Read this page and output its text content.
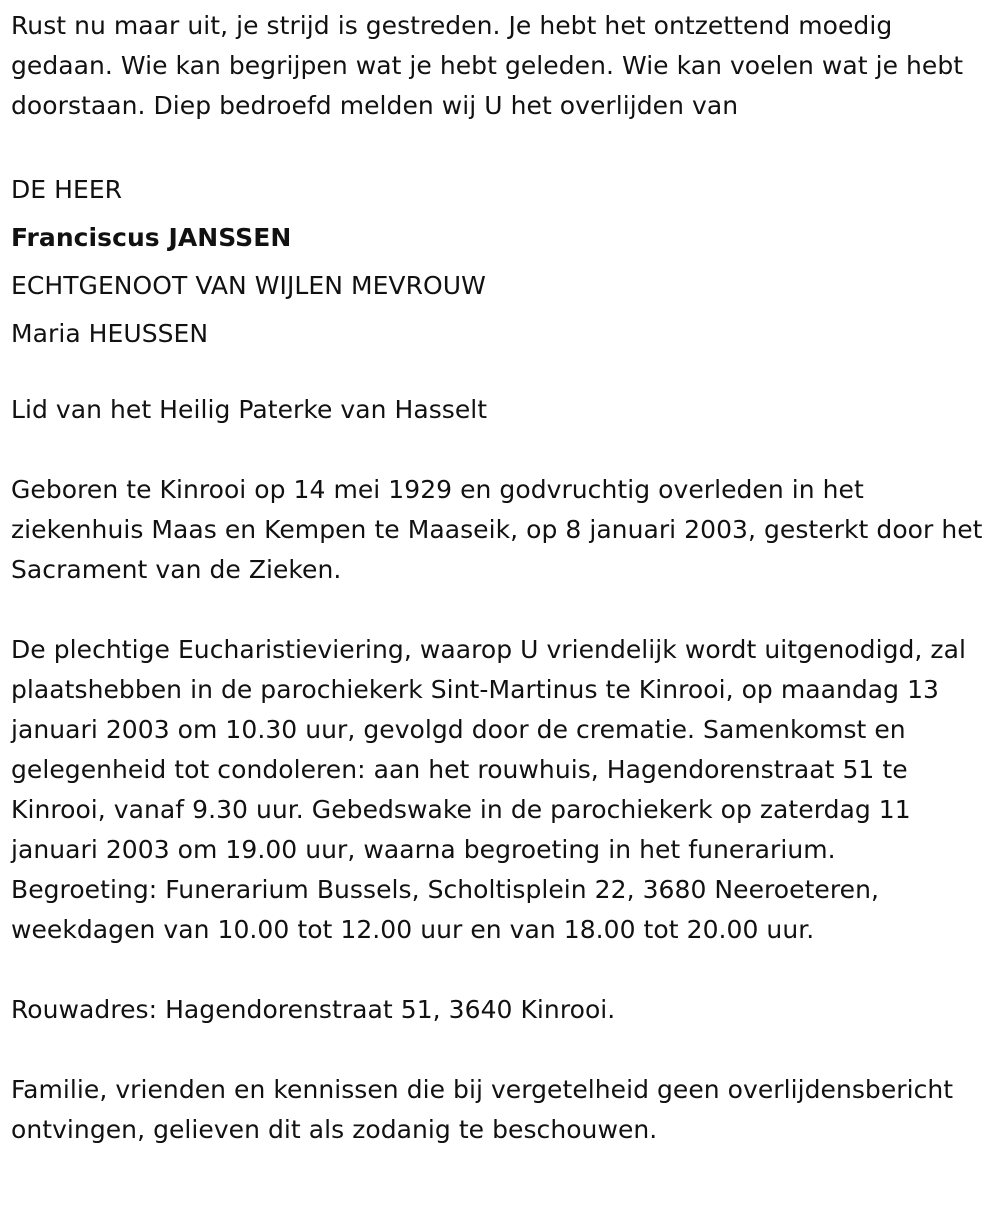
Rust nu maar uit, je strijd is gestreden. Je hebt het ontzettend moedig gedaan. Wie kan begrijpen wat je hebt geleden. Wie kan voelen wat je hebt doorstaan. Diep bedroefd melden wij U het overlijden van

DE HEER

Franciscus JANSSEN

ECHTGENOOT VAN WIJLEN MEVROUW

Maria HEUSSEN

Lid van het Heilig Paterke van Hasselt

Geboren te Kinrooi op 14 mei 1929 en godvruchtig overleden in het ziekenhuis Maas en Kempen te Maaseik, op 8 januari 2003, gesterkt door het Sacrament van de Zieken.

De plechtige Eucharistieviering, waarop U vriendelijk wordt uitgenodigd, zal plaatshebben in de parochiekerk Sint-Martinus te Kinrooi, op maandag 13 januari 2003 om 10.30 uur, gevolgd door de crematie. Samenkomst en gelegenheid tot condoleren: aan het rouwhuis, Hagendorenstraat 51 te Kinrooi, vanaf 9.30 uur. Gebedswake in de parochiekerk op zaterdag 11 januari 2003 om 19.00 uur, waarna begroeting in het funerarium. Begroeting: Funerarium Bussels, Scholtisplein 22, 3680 Neeroeteren, weekdagen van 10.00 tot 12.00 uur en van 18.00 tot 20.00 uur.

Rouwadres: Hagendorenstraat 51, 3640 Kinrooi.

Familie, vrienden en kennissen die bij vergetelheid geen overlijdensbericht ontvingen, gelieven dit als zodanig te beschouwen.
